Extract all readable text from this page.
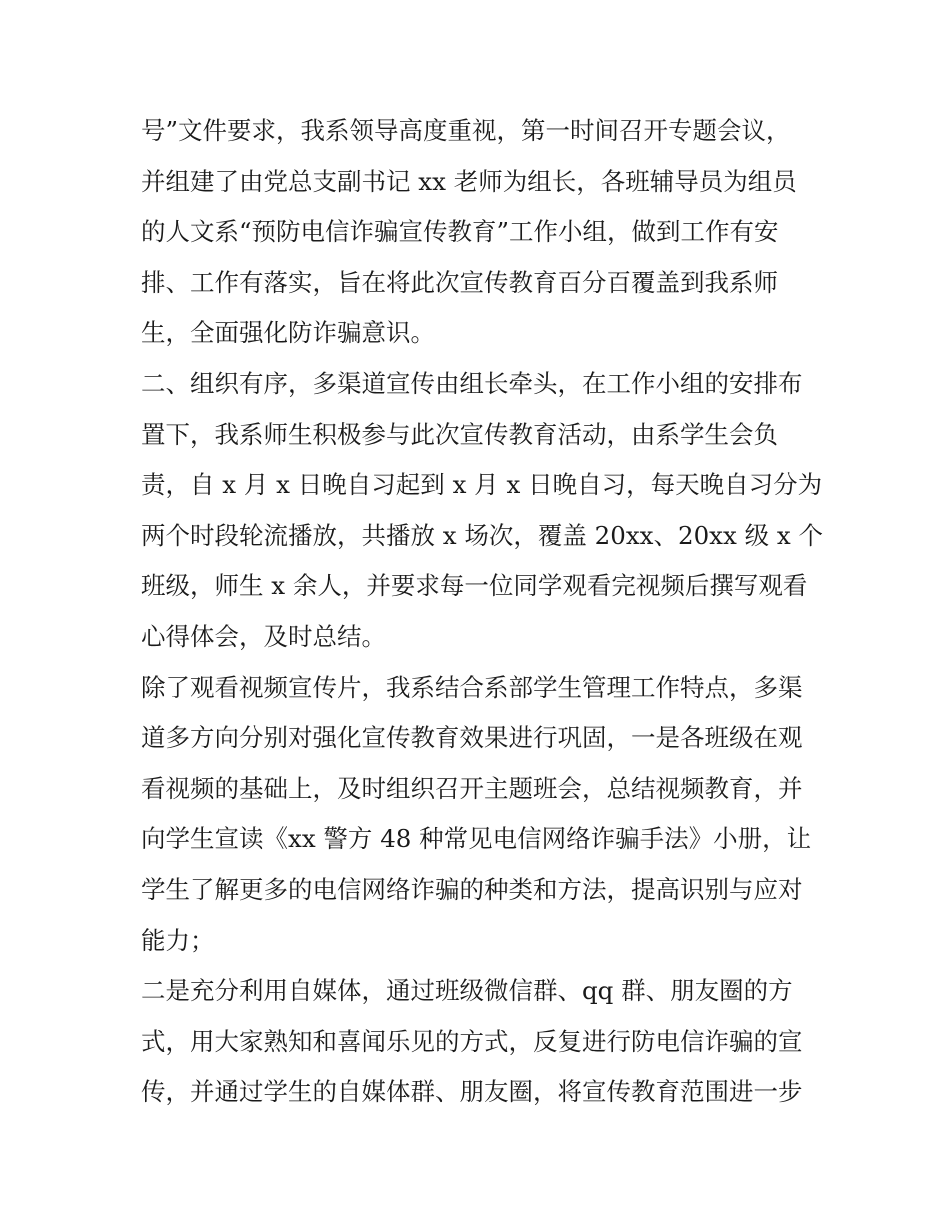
号”文件要求，我系领导高度重视，第一时间召开专题会议，
并组建了由党总支副书记 xx 老师为组长，各班辅导员为组员
的人文系“预防电信诈骗宣传教育”工作小组，做到工作有安
排、工作有落实，旨在将此次宣传教育百分百覆盖到我系师
生，全面强化防诈骗意识。
二、组织有序，多渠道宣传由组长牵头，在工作小组的安排布
置下，我系师生积极参与此次宣传教育活动，由系学生会负
责，自 x 月 x 日晚自习起到 x 月 x 日晚自习，每天晚自习分为
两个时段轮流播放，共播放 x 场次，覆盖 20xx、20xx 级 x 个
班级，师生 x 余人，并要求每一位同学观看完视频后撰写观看
心得体会，及时总结。
除了观看视频宣传片，我系结合系部学生管理工作特点，多渠
道多方向分别对强化宣传教育效果进行巩固，一是各班级在观
看视频的基础上，及时组织召开主题班会，总结视频教育，并
向学生宣读《xx 警方 48 种常见电信网络诈骗手法》小册，让
学生了解更多的电信网络诈骗的种类和方法，提高识别与应对
能力；
二是充分利用自媒体，通过班级微信群、qq 群、朋友圈的方
式，用大家熟知和喜闻乐见的方式，反复进行防电信诈骗的宣
传，并通过学生的自媒体群、朋友圈，将宣传教育范围进一步
